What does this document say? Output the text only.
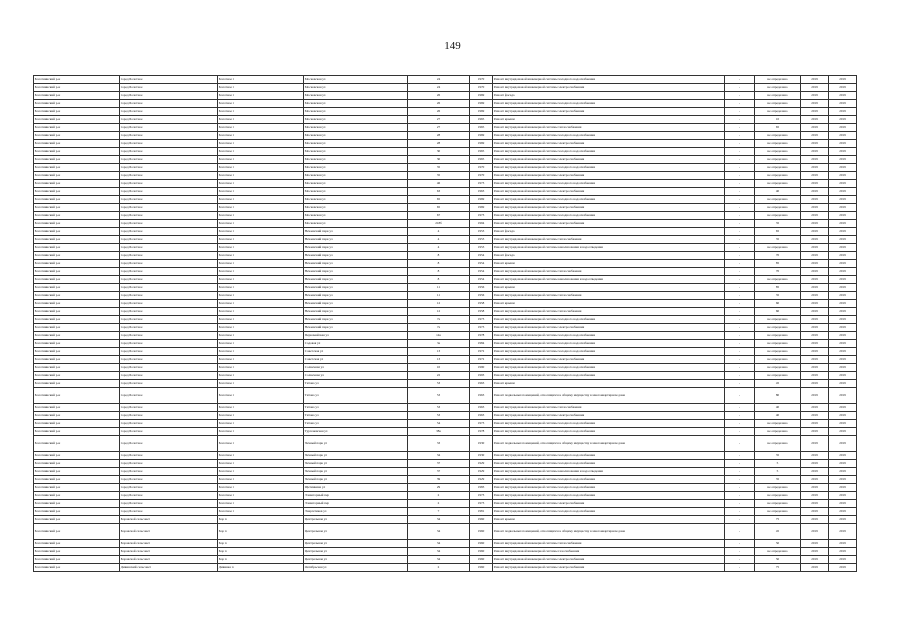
149
Болотнинский р-н	город Болотное	Болотное г	Московская ул	24	1970	Ремонт внутридомовой инженерной системы холодного водоснабжения	-	не определено	2019	2019
Болотнинский р-н	город Болотное	Болотное г	Московская ул	24	1970	Ремонт внутридомовой инженерной системы электроснабжения	-	не определено	2019	2019
Болотнинский р-н	город Болотное	Болотное г	Московская ул	26	1969	Ремонт фасада	-	не определено	2019	2019
Болотнинский р-н	город Болотное	Болотное г	Московская ул	26	1969	Ремонт внутридомовой инженерной системы холодного водоснабжения	-	не определено	2019	2019
Болотнинский р-н	город Болотное	Болотное г	Московская ул	26	1969	Ремонт внутридомовой инженерной системы электроснабжения	-	не определено	2019	2019
Болотнинский р-н	город Болотное	Болотное г	Московская ул	27	1965	Ремонт крыши	-	10	2019	2019
Болотнинский р-н	город Болотное	Болотное г	Московская ул	27	1965	Ремонт внутридомовой инженерной системы теплоснабжения	-	65	2019	2019
Болотнинский р-н	город Болотное	Болотное г	Московская ул	28	1969	Ремонт внутридомовой инженерной системы холодного водоснабжения	-	не определено	2019	2019
Болотнинский р-н	город Болотное	Болотное г	Московская ул	28	1969	Ремонт внутридомовой инженерной системы электроснабжения	-	не определено	2019	2019
Болотнинский р-н	город Болотное	Болотное г	Московская ул	30	1965	Ремонт внутридомовой инженерной системы холодного водоснабжения	-	не определено	2019	2019
Болотнинский р-н	город Болотное	Болотное г	Московская ул	30	1965	Ремонт внутридомовой инженерной системы электроснабжения	-	не определено	2019	2019
Болотнинский р-н	город Болотное	Болотное г	Московская ул	35	1970	Ремонт внутридомовой инженерной системы холодного водоснабжения	-	не определено	2019	2019
Болотнинский р-н	город Болотное	Болотное г	Московская ул	35	1970	Ремонт внутридомовой инженерной системы электроснабжения	-	не определено	2019	2019
Болотнинский р-н	город Болотное	Болотное г	Московская ул	46	1973	Ремонт внутридомовой инженерной системы холодного водоснабжения	-	не определено	2019	2019
Болотнинский р-н	город Болотное	Болотное г	Московская ул	63	1963	Ремонт внутридомовой инженерной системы электроснабжения	-	40	2019	2019
Болотнинский р-н	город Болотное	Болотное г	Московская ул	65	1969	Ремонт внутридомовой инженерной системы холодного водоснабжения	-	не определено	2019	2019
Болотнинский р-н	город Болотное	Болотное г	Московская ул	65	1969	Ремонт внутридомовой инженерной системы электроснабжения	-	не определено	2019	2019
Болотнинский р-н	город Болотное	Болотное г	Московская ул	67	1973	Ремонт внутридомовой инженерной системы холодного водоснабжения	-	не определено	2019	2019
Болотнинский р-н	город Болотное	Болотное г	Московская ул	218б	1994	Ремонт внутридомовой инженерной системы электроснабжения	-	35	2019	2019
Болотнинский р-н	город Болотное	Болотное г	Нечаевский парк ул	4	1953	Ремонт фасада	-	65	2019	2019
Болотнинский р-н	город Болотное	Болотное г	Нечаевский парк ул	4	1953	Ремонт внутридомовой инженерной системы теплоснабжения	-	35	2019	2019
Болотнинский р-н	город Болотное	Болотное г	Нечаевский парк ул	4	1953	Ремонт внутридомовой инженерной системы канализования и водоотведения	-	не определено	2019	2019
Болотнинский р-н	город Болотное	Болотное г	Нечаевский парк ул	8	1954	Ремонт фасада	-	70	2019	2019
Болотнинский р-н	город Болотное	Болотное г	Нечаевский парк ул	8	1954	Ремонт крыши	-	85	2019	2019
Болотнинский р-н	город Болотное	Болотное г	Нечаевский парк ул	8	1954	Ремонт внутридомовой инженерной системы теплоснабжения	-	70	2019	2019
Болотнинский р-н	город Болотное	Болотное г	Нечаевский парк ул	8	1954	Ремонт внутридомовой инженерной системы канализования и водоотведения	-	не определено	2019	2019
Болотнинский р-н	город Болотное	Болотное г	Нечаевский парк ул	11	1956	Ремонт крыши	-	85	2019	2019
Болотнинский р-н	город Болотное	Болотное г	Нечаевский парк ул	11	1956	Ремонт внутридомовой инженерной системы теплоснабжения	-	35	2019	2019
Болотнинский р-н	город Болотное	Болотное г	Нечаевский парк ул	12	1958	Ремонт крыши	-	60	2019	2019
Болотнинский р-н	город Болотное	Болотное г	Нечаевский парк ул	12	1958	Ремонт внутридомовой инженерной системы теплоснабжения	-	60	2019	2019
Болотнинский р-н	город Болотное	Болотное г	Нечаевский парк ул	7а	1973	Ремонт внутридомовой инженерной системы холодного водоснабжения	-	не определено	2019	2019
Болотнинский р-н	город Болотное	Болотное г	Нечаевский парк ул	7а	1973	Ремонт внутридомовой инженерной системы электроснабжения	-	не определено	2019	2019
Болотнинский р-н	город Болотное	Болотное г	Первомайская ул	14а	1978	Ремонт внутридомовой инженерной системы холодного водоснабжения	-	не определено	2019	2019
Болотнинский р-н	город Болотное	Болотное г	Садовая ул	3а	1984	Ремонт внутридомовой инженерной системы холодного водоснабжения	-	не определено	2019	2019
Болотнинский р-н	город Болотное	Болотное г	Советская ул	13	1972	Ремонт внутридомовой инженерной системы холодного водоснабжения	-	не определено	2019	2019
Болотнинский р-н	город Болотное	Болотное г	Советская ул	13	1972	Ремонт внутридомовой инженерной системы электроснабжения	-	не определено	2019	2019
Болотнинский р-н	город Болотное	Болотное г	Солнечная ул	10	1990	Ремонт внутридомовой инженерной системы холодного водоснабжения	-	не определено	2019	2019
Болотнинский р-н	город Болотное	Болотное г	Солнечная ул	22	1993	Ремонт внутридомовой инженерной системы холодного водоснабжения	-	не определено	2019	2019
Болотнинский р-н	город Болотное	Болотное г	Титова ул	53	1963	Ремонт крыши	-	45	2019	2019
Болотнинский р-н	город Болотное	Болотное г	Титова ул	53	1963	Ремонт подвальных помещений, относящихся к общему имуществу в многоквартирном доме	-	80	2019	2019
Болотнинский р-н	город Болотное	Болотное г	Титова ул	53	1963	Ремонт внутридомовой инженерной системы теплоснабжения	-	40	2019	2019
Болотнинский р-н	город Болотное	Болотное г	Титова ул	53	1963	Ремонт внутридомовой инженерной системы электроснабжения	-	40	2019	2019
Болотнинский р-н	город Болотное	Болотное г	Титова ул	54	1973	Ремонт внутридомовой инженерной системы холодного водоснабжения	-	не определено	2019	2019
Болотнинский р-н	город Болотное	Болотное г	Тургеневская ул	38а	1978	Ремонт внутридомовой инженерной системы холодного водоснабжения	-	не определено	2019	2019
Болотнинский р-н	город Болотное	Болотное г	Чечный парк ул	33	1930	Ремонт подвальных помещений, относящихся к общему имуществу в многоквартирном доме	-	не определено	2019	2019
Болотнинский р-н	город Болотное	Болотное г	Чечный парк ул	34	1930	Ремонт внутридомовой инженерной системы холодного водоснабжения	-	35	2019	2019
Болотнинский р-н	город Болотное	Болотное г	Чечный парк ул	37	1929	Ремонт внутридомовой инженерной системы холодного водоснабжения	-	5	2019	2019
Болотнинский р-н	город Болотное	Болотное г	Чечный парк ул	37	1929	Ремонт внутридомовой инженерной системы канализования и водоотведения	-	5	2019	2019
Болотнинский р-н	город Болотное	Болотное г	Чечный парк ул	39	1929	Ремонт внутридомовой инженерной системы холодного водоснабжения	-	35	2019	2019
Болотнинский р-н	город Болотное	Болотное г	Щетинкина ул	29	1983	Ремонт внутридомовой инженерной системы холодного водоснабжения	-	не определено	2019	2019
Болотнинский р-н	город Болотное	Болотное г	Элеваторный пер	2	1973	Ремонт внутридомовой инженерной системы холодного водоснабжения	-	не определено	2019	2019
Болотнинский р-н	город Болотное	Болотное г	Элеваторный пер	2	1973	Ремонт внутридомовой инженерной системы электроснабжения	-	не определено	2019	2019
Болотнинский р-н	город Болотное	Болотное г	Энергетиков ул	7	1981	Ремонт внутридомовой инженерной системы холодного водоснабжения	-	не определено	2019	2019
Болотнинский р-н	Боровской сельсовет	Бор п	Центральная ул	34	1960	Ремонт крыши	-	75	2019	2019
Болотнинский р-н	Боровской сельсовет	Бор п	Центральная ул	34	1960	Ремонт подвальных помещений, относящихся к общему имуществу в многоквартирном доме	-	45	2019	2019
Болотнинский р-н	Боровской сельсовет	Бор п	Центральная ул	34	1960	Ремонт внутридомовой инженерной системы теплоснабжения	-	50	2019	2019
Болотнинский р-н	Боровской сельсовет	Бор п	Центральная ул	34	1960	Ремонт внутридомовой инженерной системы газоснабжения	-	не определено	2019	2019
Болотнинский р-н	Боровской сельсовет	Бор п	Центральная ул	34	1960	Ремонт внутридомовой инженерной системы электроснабжения	-	50	2019	2019
Болотнинский р-н	Дивинский сельсовет	Дивинка п	Октябрьская ул	2	1960	Ремонт внутридомовой инженерной системы электроснабжения	-	75	2019	2019
